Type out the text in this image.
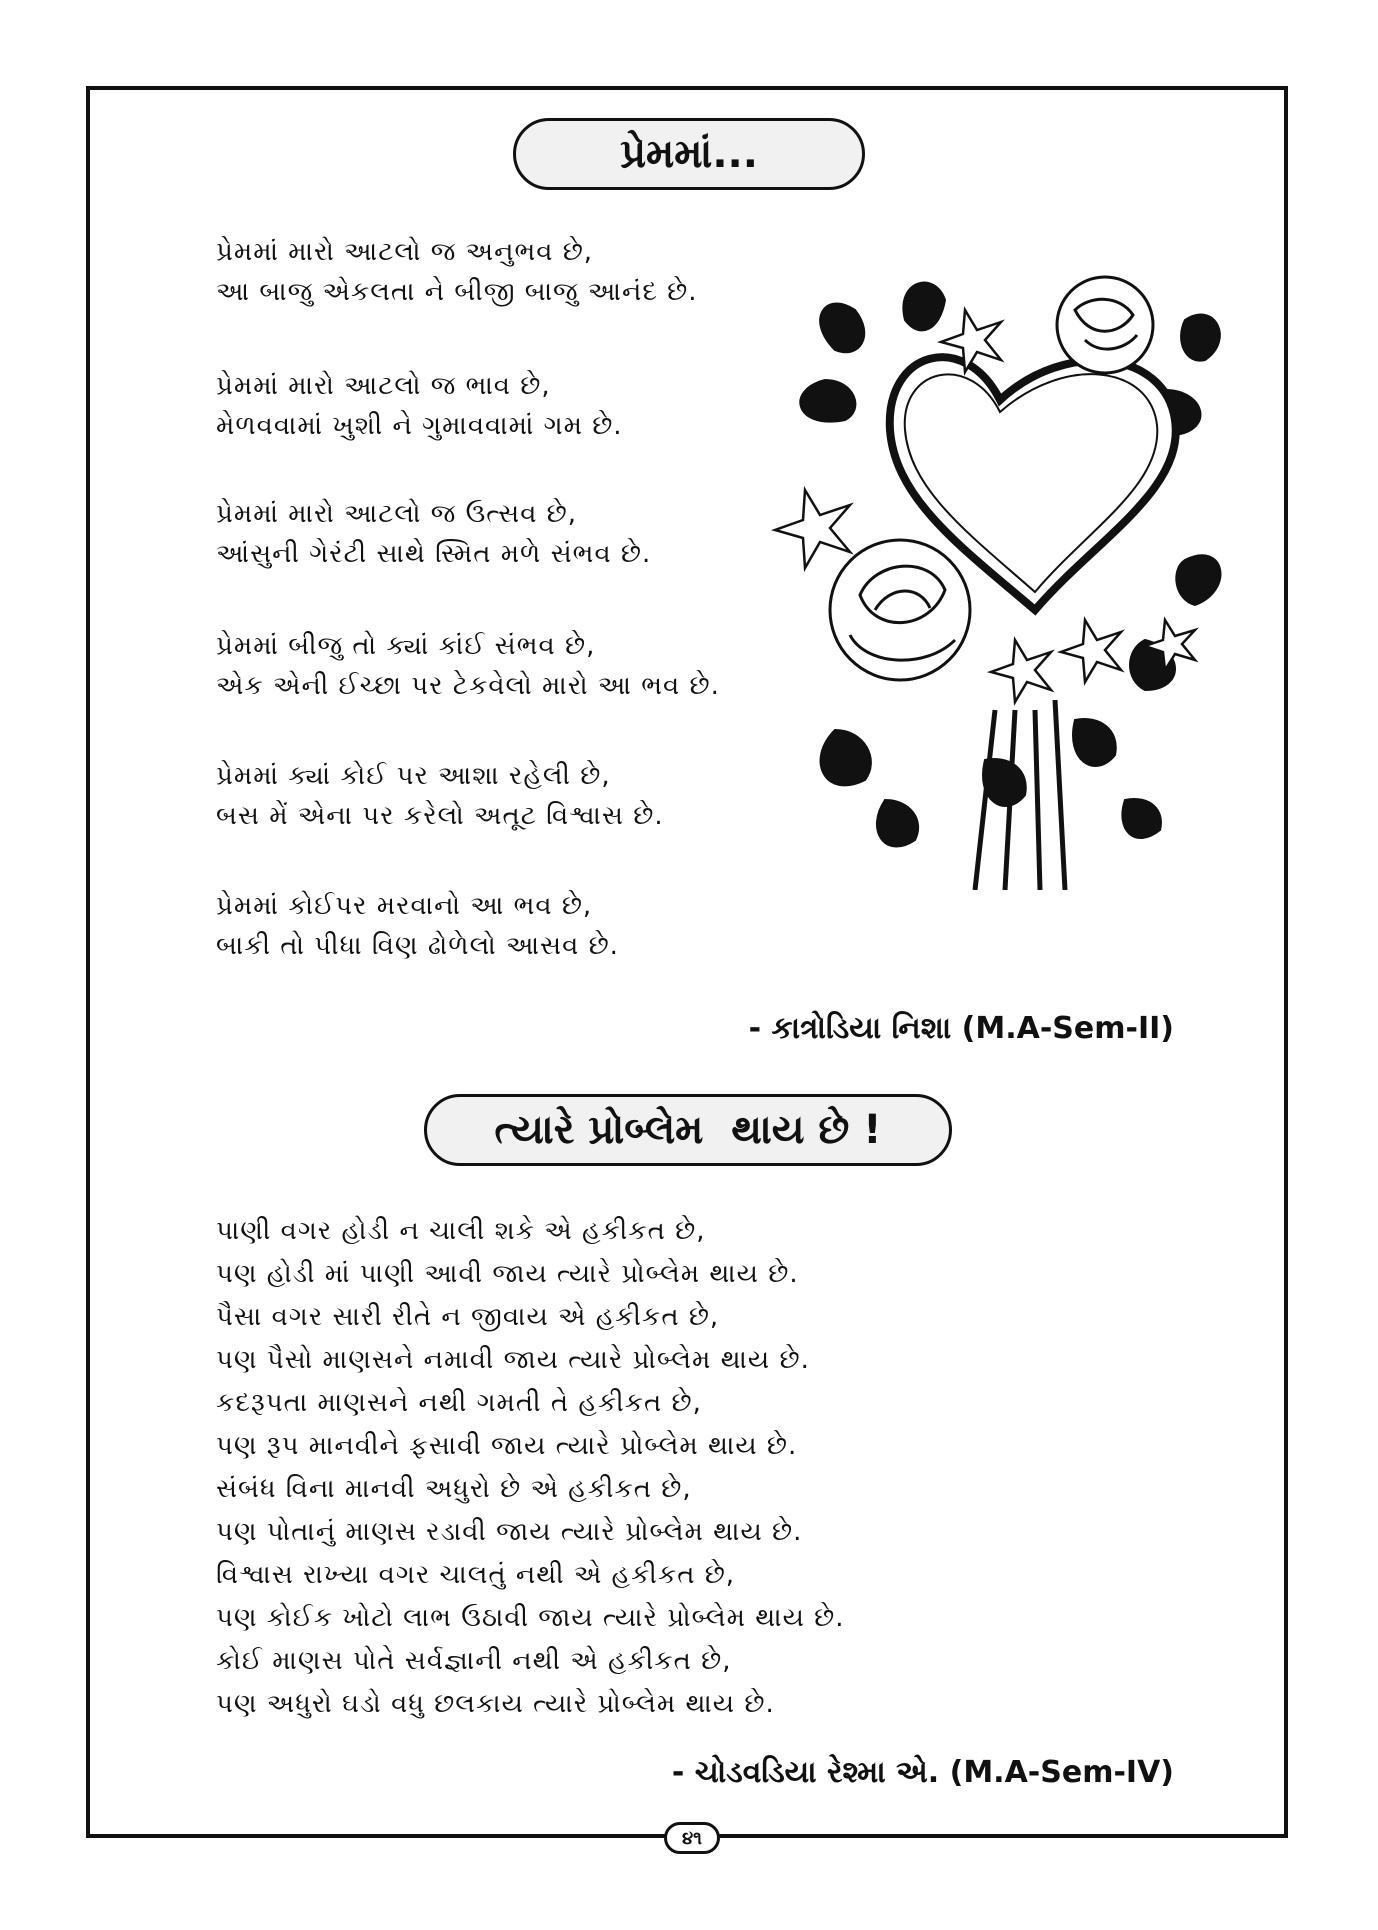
પ્રેમમાં...
પ્રેમમાં મારો આટલો જ અનુભવ છે,
આ બાજુ એકલતા ને બીજી બાજુ આનંદ છે.
પ્રેમમાં મારો આટલો જ ભાવ છે,
મેળવવામાં ખુશી ને ગુમાવવામાં ગમ છે.
પ્રેમમાં મારો આટલો જ ઉત્સવ છે,
આંસુની ગેરંટી સાથે સ્મિત મળે સંભવ છે.
પ્રેમમાં બીજુ તો ક્યાં કાંઈ સંભવ છે,
એક એની ઈચ્છા પર ટેકવેલો મારો આ ભવ છે.
પ્રેમમાં ક્યાં કોઈ પર આશા રહેલી છે,
બસ મેં એના પર કરેલો અતૂટ વિશ્વાસ છે.
પ્રેમમાં કોઈપર મરવાનો આ ભવ છે,
બાકી તો પીધા વિણ ઢોળેલો આસવ છે.
- કાત્રોડિયા નિશા (M.A-Sem-II)
ત્યારે પ્રોબ્લેમ  થાય છે !
પાણી વગર હોડી ન ચાલી શકે એ હકીકત છે,
પણ હોડી માં પાણી આવી જાય ત્યારે પ્રોબ્લેમ થાય છે.
પૈસા વગર સારી રીતે ન જીવાય એ હકીકત છે,
પણ પૈસો માણસને નમાવી જાય ત્યારે પ્રોબ્લેમ થાય છે.
કદરૂપતા માણસને નથી ગમતી તે હકીકત છે,
પણ રૂપ માનવીને ફસાવી જાય ત્યારે પ્રોબ્લેમ થાય છે.
સંબંધ વિના માનવી અધુરો છે એ હકીકત છે,
પણ પોતાનું માણસ રડાવી જાય ત્યારે પ્રોબ્લેમ થાય છે.
વિશ્વાસ રાખ્યા વગર ચાલતું નથી એ હકીકત છે,
પણ કોઈક ખોટો લાભ ઉઠાવી જાય ત્યારે પ્રોબ્લેમ થાય છે.
કોઈ માણસ પોતે સર્વજ્ઞાની નથી એ હકીકત છે,
પણ અધુરો ઘડો વધુ છલકાય ત્યારે પ્રોબ્લેમ થાય છે.
- ચોડવડિયા રેશ્મા એ. (M.A-Sem-IV)
૪૧
